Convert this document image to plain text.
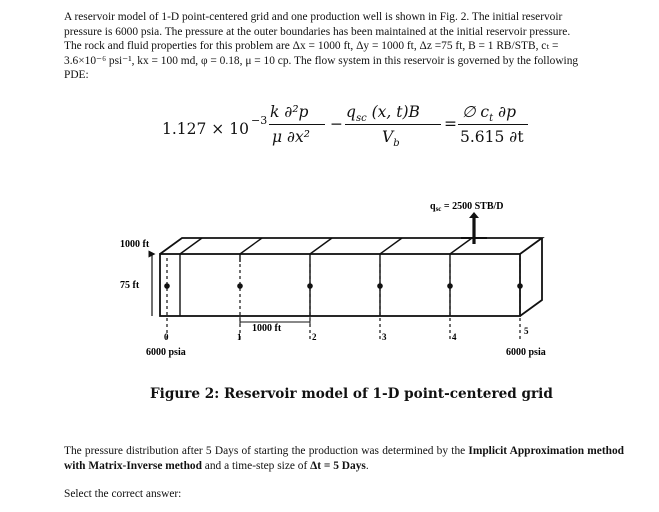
A reservoir model of 1-D point-centered grid and one production well is shown in Fig. 2. The initial reservoir
pressure is 6000 psia. The pressure at the outer boundaries has been maintained at the initial reservoir pressure.
The rock and fluid properties for this problem are Δx = 1000 ft, Δy = 1000 ft, Δz =75 ft, B = 1 RB/STB, cₜ =
3.6×10⁻⁶ psi⁻¹, kx = 100 md, φ = 0.18, μ = 10 cp. The flow system in this reservoir is governed by the following
PDE:
1.127 × 10 −3 k ∂²p
μ ∂x²
−
$q_{sc}$ (x, t)B
$V_b$
=
∅ $c_t$ ∂p
5.615 ∂t
$q_{sc} = 2500$ STB/D
1000 ft
75 ft
1000 ft
0	1	2	3	4
5
6000 psia	6000 psia
Figure 2: Reservoir model of 1-D point-centered grid
The pressure distribution after 5 Days of starting the production was determined by the Implicit Approximation method with Matrix-Inverse method and a time-step size of Δt = 5 Days.
Select the correct answer:
